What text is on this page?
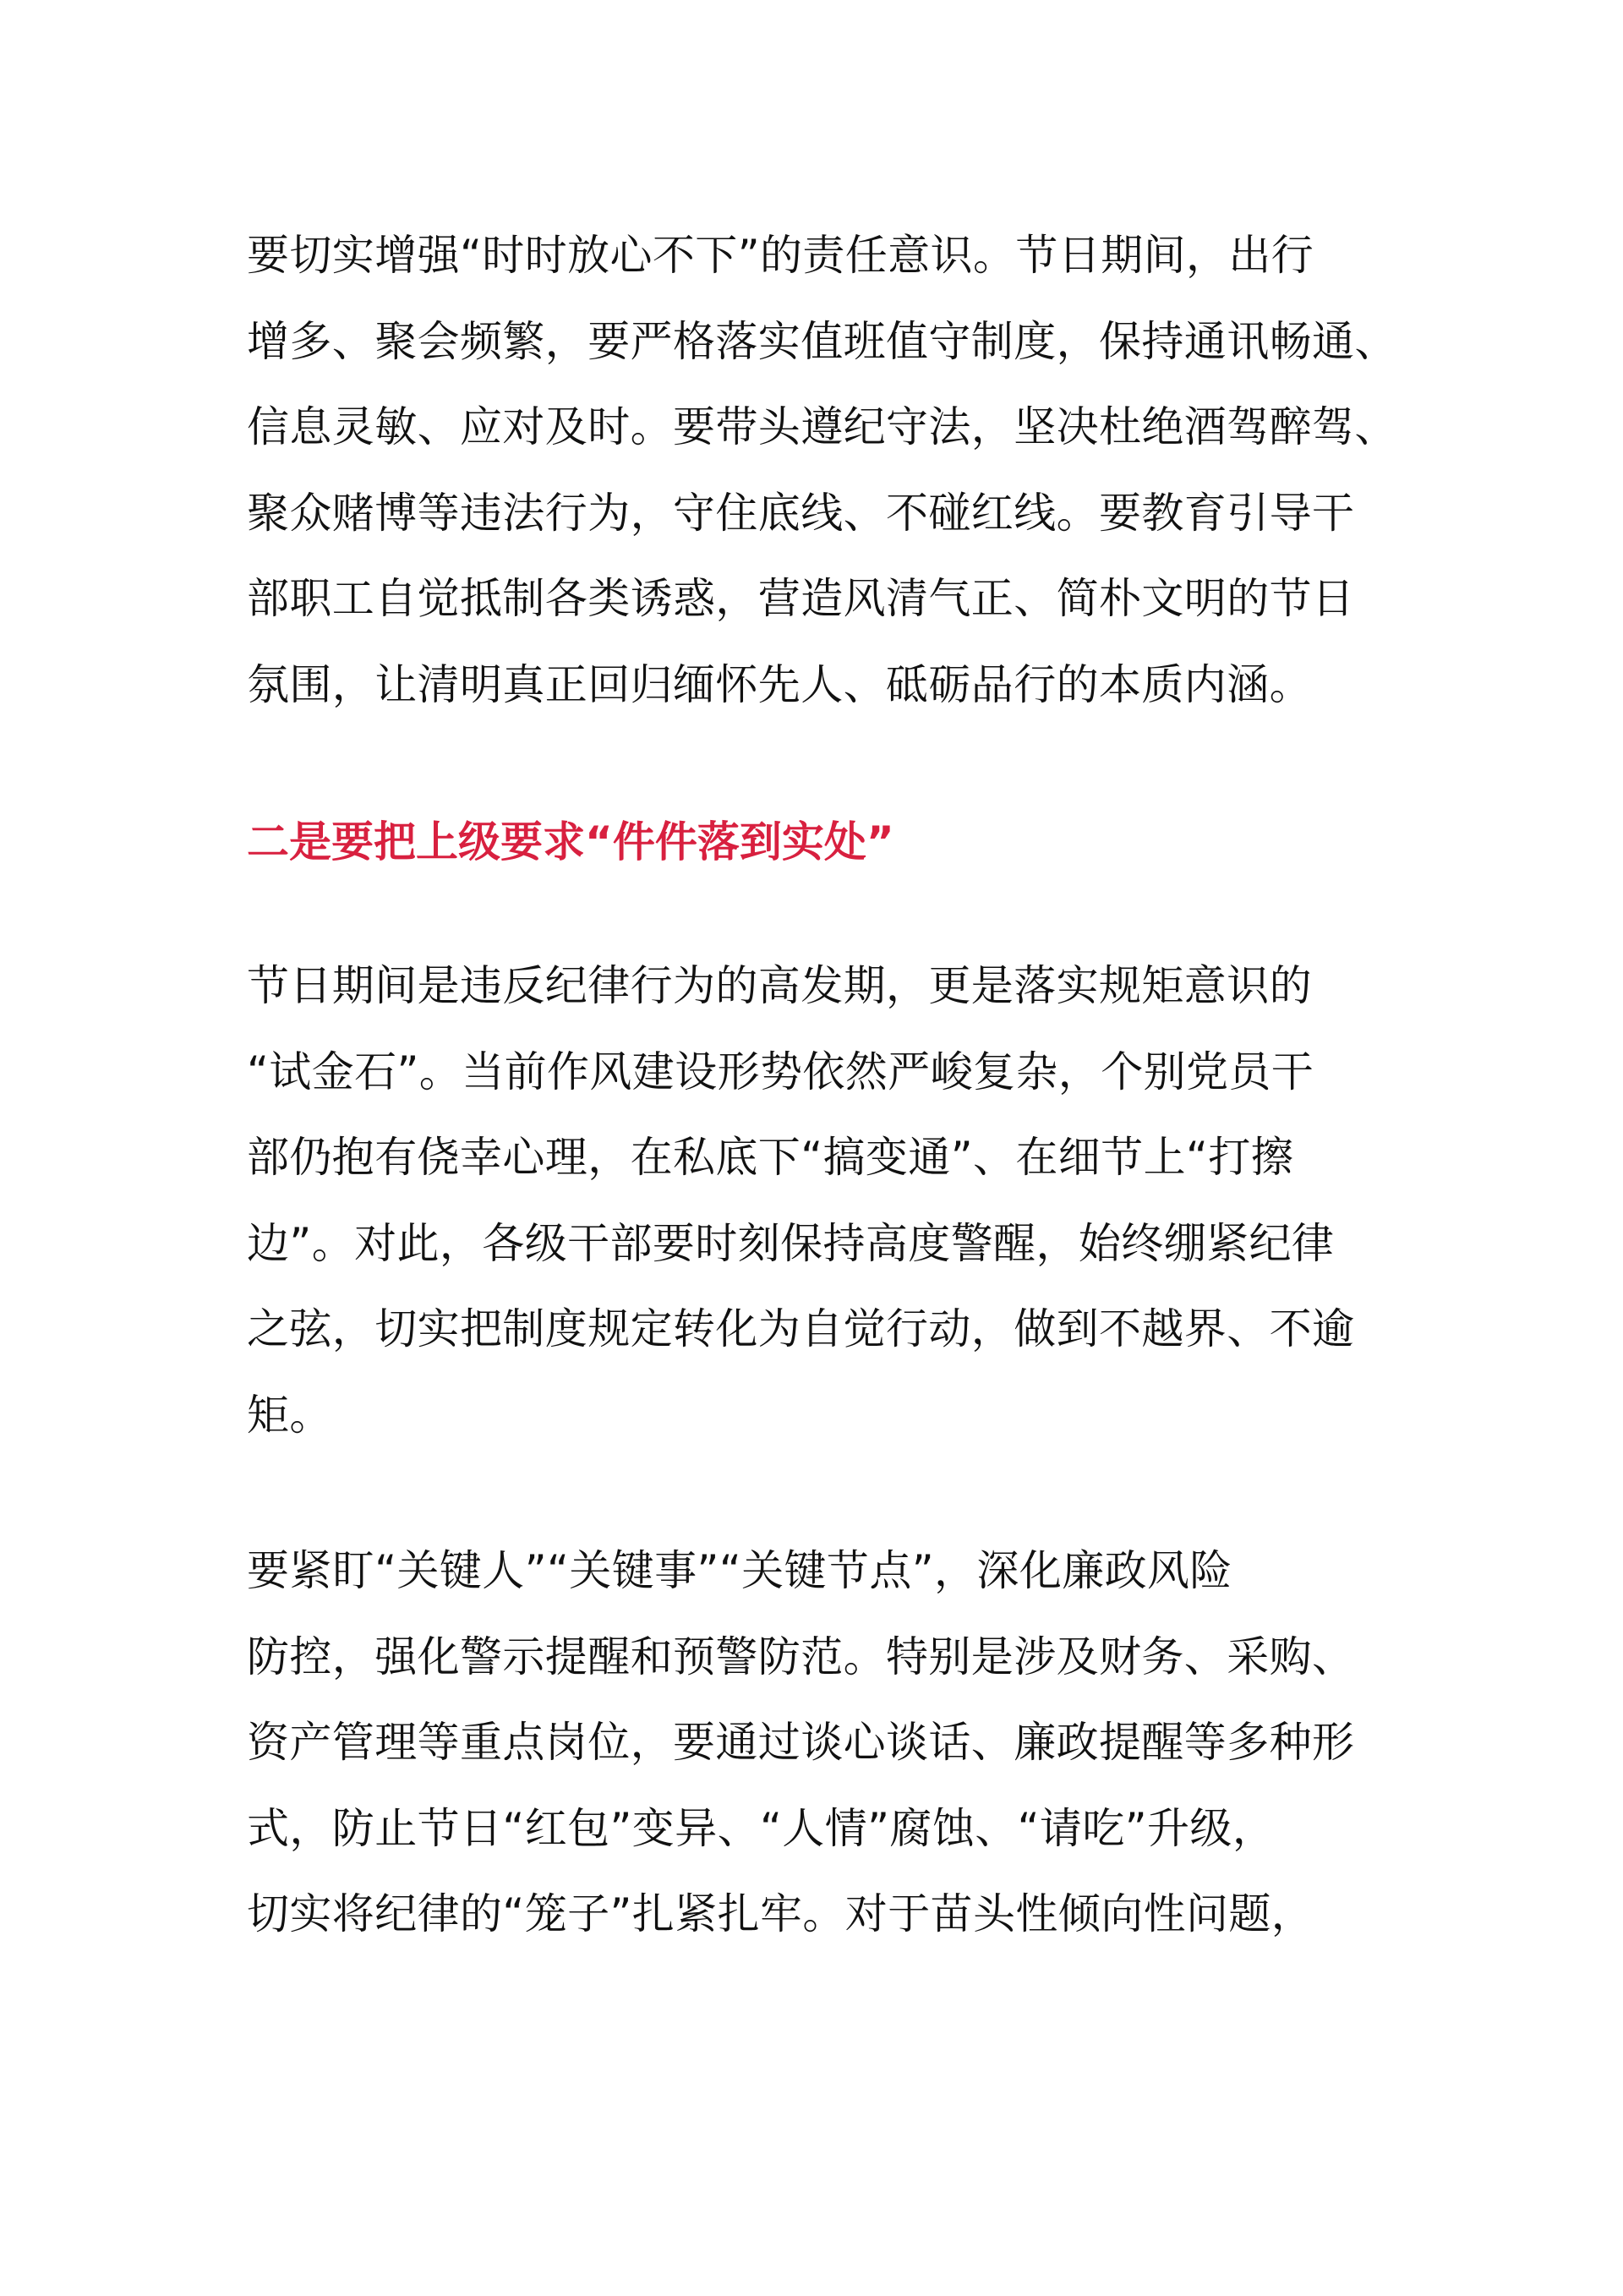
要切实增强“时时放心不下”的责任意识。节日期间，出行
增多、聚会频繁，要严格落实值班值守制度，保持通讯畅通、
信息灵敏、应对及时。要带头遵纪守法，坚决杜绝酒驾醉驾、
聚众赌博等违法行为，守住底线、不碰红线。要教育引导干
部职工自觉抵制各类诱惑，营造风清气正、简朴文明的节日
氛围，让清明真正回归缅怀先人、砥砺品行的本质内涵。

二是要把上级要求“件件落到实处”

节日期间是违反纪律行为的高发期，更是落实规矩意识的
“试金石”。当前作风建设形势依然严峻复杂，个别党员干
部仍抱有侥幸心理，在私底下“搞变通”、在细节上“打擦
边”。对此，各级干部要时刻保持高度警醒，始终绷紧纪律
之弦，切实把制度规定转化为自觉行动，做到不越界、不逾
矩。

要紧盯“关键人”“关键事”“关键节点”，深化廉政风险
防控，强化警示提醒和预警防范。特别是涉及财务、采购、
资产管理等重点岗位，要通过谈心谈话、廉政提醒等多种形
式，防止节日“红包”变异、“人情”腐蚀、“请吃”升级，
切实将纪律的“笼子”扎紧扎牢。对于苗头性倾向性问题，
